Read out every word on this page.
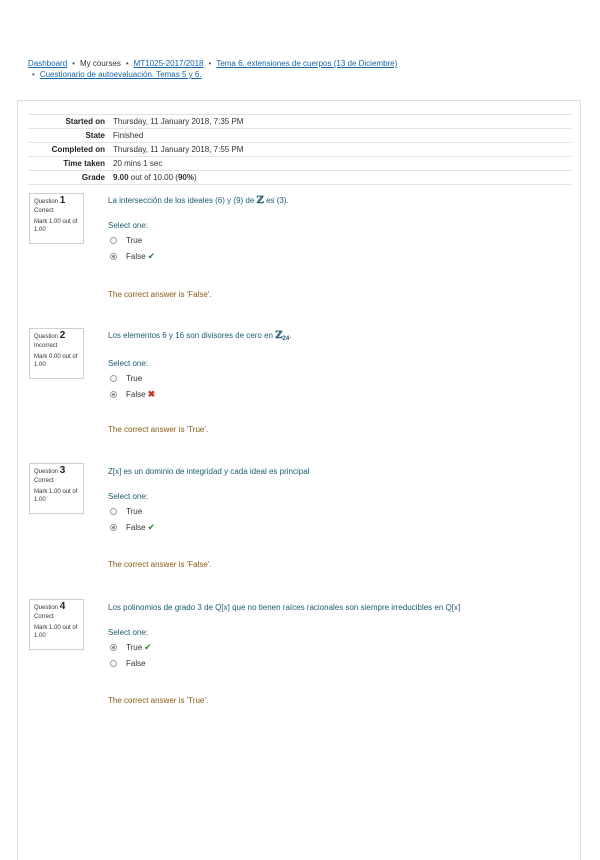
Dashboard • My courses • MT1025-2017/2018 • Tema 6. extensiones de cuerpos (13 de Diciembre)
• Cuestionario de autoevaluación. Temas 5 y 6.
Started on	Thursday, 11 January 2018, 7:35 PM
State	Finished
Completed on	Thursday, 11 January 2018, 7:55 PM
Time taken	20 mins 1 sec
Grade	9.00 out of 10.00 (90%)
Question 1
Correct
Mark 1.00 out of 1.00
La intersección de los ideales (6) y (9) de ℤ es (3).
Select one:
True
False ✔
The correct answer is 'False'.
Question 2
Incorrect
Mark 0.00 out of 1.00
Los elementos 6 y 16 son divisores de cero en ℤ$_{24}$.
Select one:
True
False ✖
The correct answer is 'True'.
Question 3
Correct
Mark 1.00 out of 1.00
Z[x] es un dominio de integridad y cada ideal es principal
Select one:
True
False ✔
The correct answer is 'False'.
Question 4
Correct
Mark 1.00 out of 1.00
Los polinomios de grado 3 de Q[x] que no tienen raíces racionales son siempre irreducibles en Q[x]
Select one:
True ✔
False
The correct answer is 'True'.
